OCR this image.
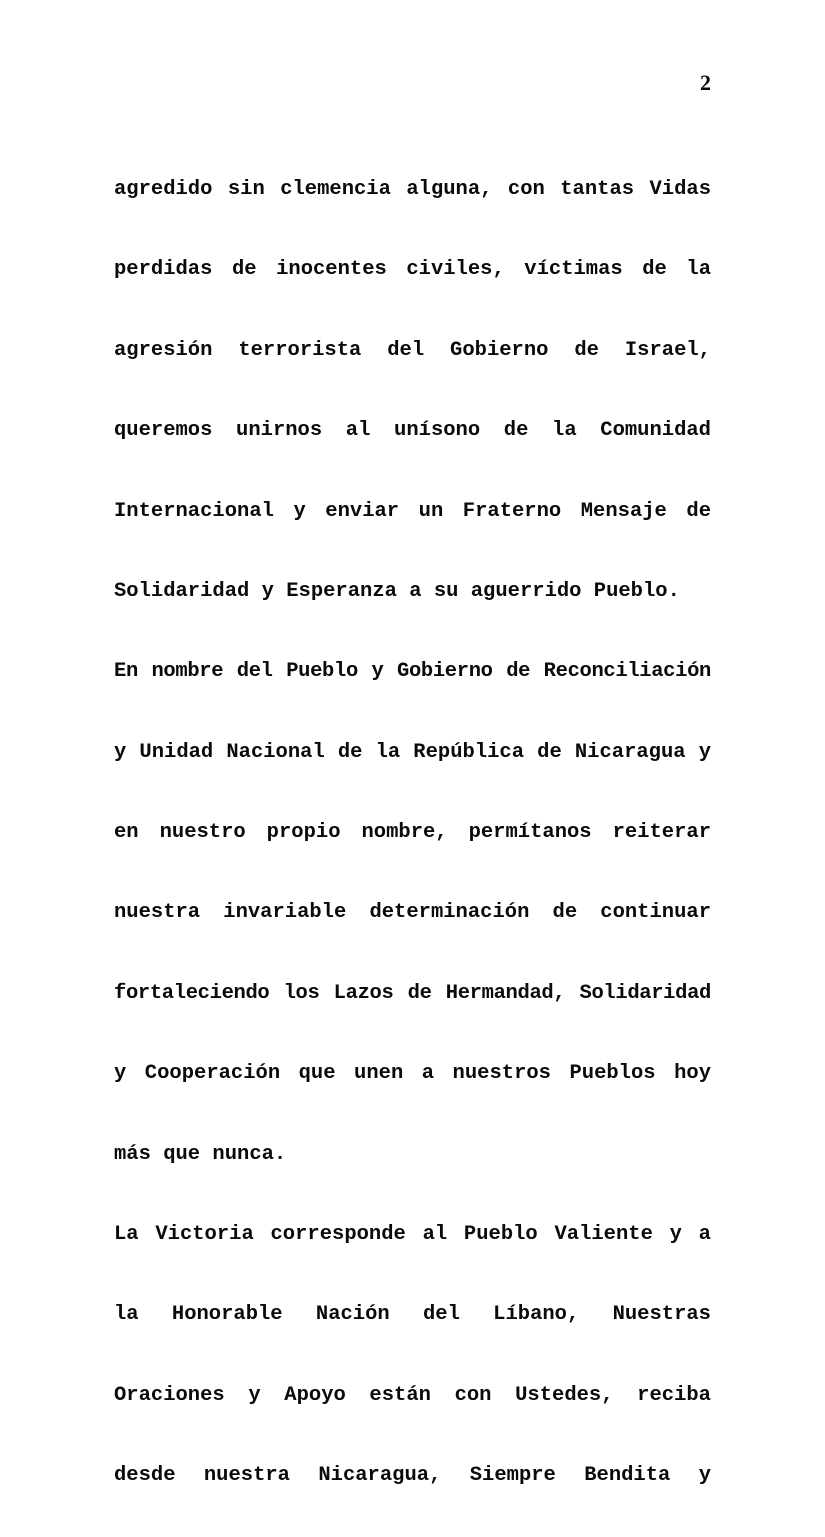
2

agredido sin clemencia alguna, con tantas Vidas
perdidas de inocentes civiles, víctimas de la
agresión terrorista del Gobierno de Israel,
queremos unirnos al unísono de la Comunidad
Internacional y enviar un Fraterno Mensaje de
Solidaridad y Esperanza a su aguerrido Pueblo.

En nombre del Pueblo y Gobierno de Reconciliación
y Unidad Nacional de la República de Nicaragua y
en nuestro propio nombre, permítanos reiterar
nuestra invariable determinación de continuar
fortaleciendo los Lazos de Hermandad, Solidaridad
y Cooperación que unen a nuestros Pueblos hoy
más que nunca.

La Victoria corresponde al Pueblo Valiente y a
la Honorable Nación del Líbano, Nuestras
Oraciones y Apoyo están con Ustedes, reciba
desde nuestra Nicaragua, Siempre Bendita y
